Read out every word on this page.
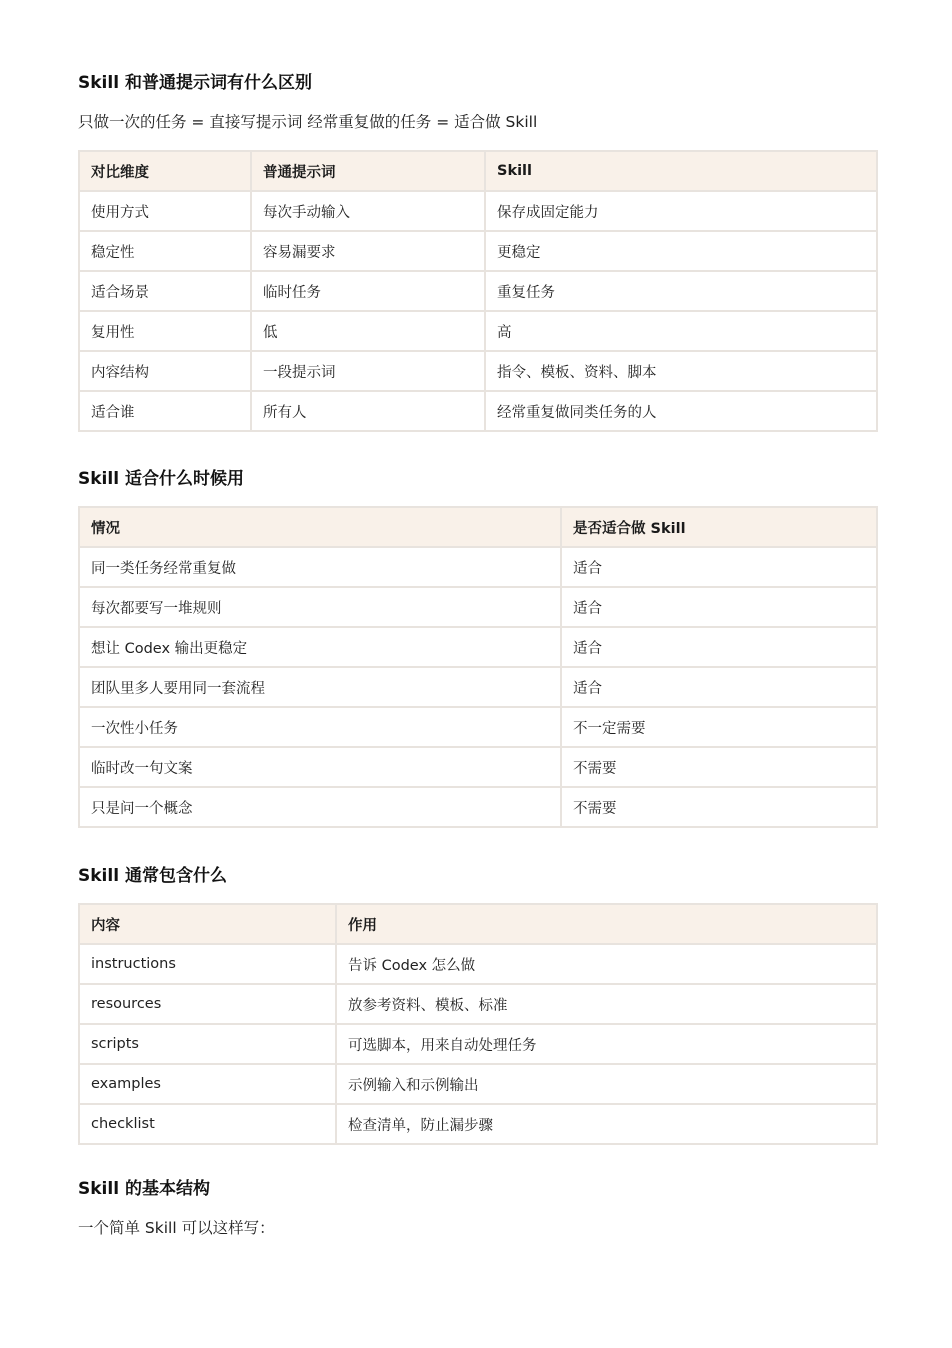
Skill 和普通提示词有什么区别

只做一次的任务 = 直接写提示词 经常重复做的任务 = 适合做 Skill

对比维度	普通提示词	Skill
使用方式	每次手动输入	保存成固定能力
稳定性	容易漏要求	更稳定
适合场景	临时任务	重复任务
复用性	低	高
内容结构	一段提示词	指令、模板、资料、脚本
适合谁	所有人	经常重复做同类任务的人
Skill 适合什么时候用
情况	是否适合做 Skill
同一类任务经常重复做	适合
每次都要写一堆规则	适合
想让 Codex 输出更稳定	适合
团队里多人要用同一套流程	适合
一次性小任务	不一定需要
临时改一句文案	不需要
只是问一个概念	不需要
Skill 通常包含什么
内容	作用
instructions	告诉 Codex 怎么做
resources	放参考资料、模板、标准
scripts	可选脚本，用来自动处理任务
examples	示例输入和示例输出
checklist	检查清单，防止漏步骤
Skill 的基本结构

一个简单 Skill 可以这样写：
